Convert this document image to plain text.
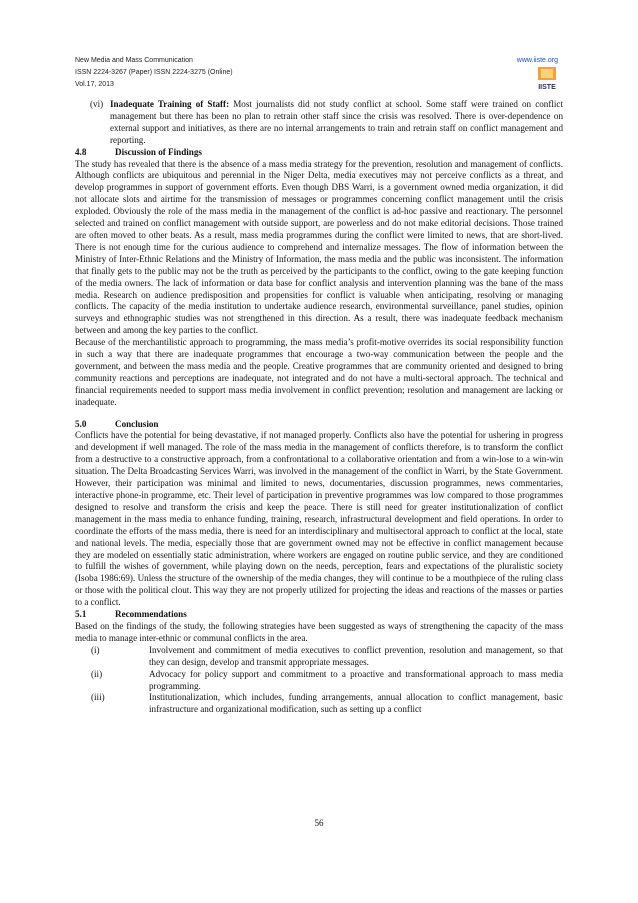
New Media and Mass Communication
ISSN 2224-3267 (Paper) ISSN 2224-3275 (Online)
Vol.17, 2013
www.iiste.org
IISTE
(vi) Inadequate Training of Staff: Most journalists did not study conflict at school. Some staff were trained on conflict management but there has been no plan to retrain other staff since the crisis was resolved. There is over-dependence on external support and initiatives, as there are no internal arrangements to train and retrain staff on conflict management and reporting.
4.8	Discussion of Findings

The study has revealed that there is the absence of a mass media strategy for the prevention, resolution and management of conflicts. Although conflicts are ubiquitous and perennial in the Niger Delta, media executives may not perceive conflicts as a threat, and develop programmes in support of government efforts. Even though DBS Warri, is a government owned media organization, it did not allocate slots and airtime for the transmission of messages or programmes concerning conflict management until the crisis exploded. Obviously the role of the mass media in the management of the conflict is ad-hoc passive and reactionary. The personnel selected and trained on conflict management with outside support, are powerless and do not make editorial decisions. Those trained are often moved to other beats. As a result, mass media programmes during the conflict were limited to news, that are short-lived. There is not enough time for the curious audience to comprehend and internalize messages. The flow of information between the Ministry of Inter-Ethnic Relations and the Ministry of Information, the mass media and the public was inconsistent. The information that finally gets to the public may not be the truth as perceived by the participants to the conflict, owing to the gate keeping function of the media owners. The lack of information or data base for conflict analysis and intervention planning was the bane of the mass media. Research on audience predisposition and propensities for conflict is valuable when anticipating, resolving or managing conflicts. The capacity of the media institution to undertake audience research, environmental surveillance, panel studies, opinion surveys and ethnographic studies was not strengthened in this direction. As a result, there was inadequate feedback mechanism between and among the key parties to the conflict.

Because of the merchantilistic approach to programming, the mass media’s profit-motive overrides its social responsibility function in such a way that there are inadequate programmes that encourage a two-way communication between the people and the government, and between the mass media and the people. Creative programmes that are community oriented and designed to bring community reactions and perceptions are inadequate, not integrated and do not have a multi-sectoral approach. The technical and financial requirements needed to support mass media involvement in conflict prevention; resolution and management are lacking or inadequate.

5.0	Conclusion

Conflicts have the potential for being devastative, if not managed properly. Conflicts also have the potential for ushering in progress and development if well managed. The role of the mass media in the management of conflicts therefore, is to transform the conflict from a destructive to a constructive approach, from a confrontational to a collaborative orientation and from a win-lose to a win-win situation. The Delta Broadcasting Services Warri, was involved in the management of the conflict in Warri, by the State Government. However, their participation was minimal and limited to news, documentaries, discussion programmes, news commentaries, interactive phone-in programme, etc. Their level of participation in preventive programmes was low compared to those programmes designed to resolve and transform the crisis and keep the peace. There is still need for greater institutionalization of conflict management in the mass media to enhance funding, training, research, infrastructural development and field operations. In order to coordinate the efforts of the mass media, there is need for an interdisciplinary and multisectoral approach to conflict at the local, state and national levels. The media, especially those that are government owned may not be effective in conflict management because they are modeled on essentially static administration, where workers are engaged on routine public service, and they are conditioned to fulfill the wishes of government, while playing down on the needs, perception, fears and expectations of the pluralistic society (Isoba 1986:69). Unless the structure of the ownership of the media changes, they will continue to be a mouthpiece of the ruling class or those with the political clout. This way they are not properly utilized for projecting the ideas and reactions of the masses or parties to a conflict.

5.1	Recommendations

Based on the findings of the study, the following strategies have been suggested as ways of strengthening the capacity of the mass media to manage inter-ethnic or communal conflicts in the area.

(i)	Involvement and commitment of media executives to conflict prevention, resolution and management, so that they can design, develop and transmit appropriate messages.
(ii)	Advocacy for policy support and commitment to a proactive and transformational approach to mass media programming.
(iii)	Institutionalization, which includes, funding arrangements, annual allocation to conflict management, basic infrastructure and organizational modification, such as setting up a conflict
56
